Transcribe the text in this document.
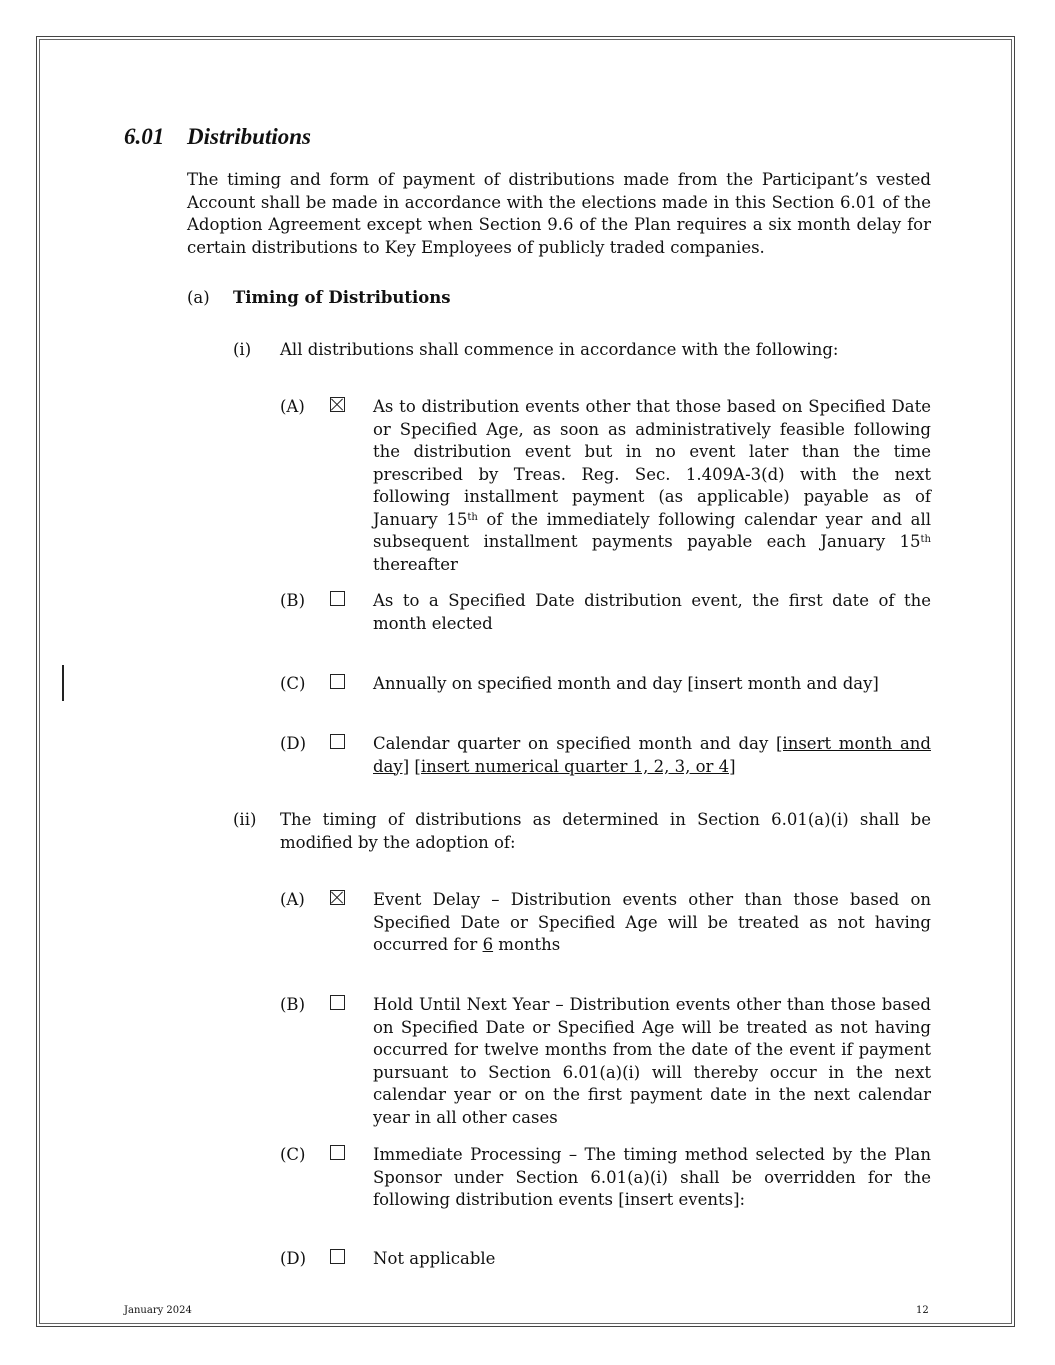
6.01 Distributions
The timing and form of payment of distributions made from the Participant’s vested Account shall be made in accordance with the elections made in this Section 6.01 of the Adoption Agreement except when Section 9.6 of the Plan requires a six month delay for certain distributions to Key Employees of publicly traded companies.
(a) Timing of Distributions
(i) All distributions shall commence in accordance with the following:
(A)	As to distribution events other that those based on Specified Date or Specified Age, as soon as administratively feasible following the distribution event but in no event later than the time prescribed by Treas. Reg. Sec. 1.409A-3(d) with the next following installment payment (as applicable) payable as of January 15th of the immediately following calendar year and all subsequent installment payments payable each January 15th thereafter
(B)	As to a Specified Date distribution event, the first date of the month elected
(C)	Annually on specified month and day [insert month and day]
(D)	Calendar quarter on specified month and day [insert month and day] [insert numerical quarter 1, 2, 3, or 4]
(ii) The timing of distributions as determined in Section 6.01(a)(i) shall be modified by the adoption of:
(A)	Event Delay – Distribution events other than those based on Specified Date or Specified Age will be treated as not having occurred for 6 months
(B)	Hold Until Next Year – Distribution events other than those based on Specified Date or Specified Age will be treated as not having occurred for twelve months from the date of the event if payment pursuant to Section 6.01(a)(i) will thereby occur in the next calendar year or on the first payment date in the next calendar year in all other cases
(C)	Immediate Processing – The timing method selected by the Plan Sponsor under Section 6.01(a)(i) shall be overridden for the following distribution events [insert events]:
(D)	Not applicable
January 2024	12
